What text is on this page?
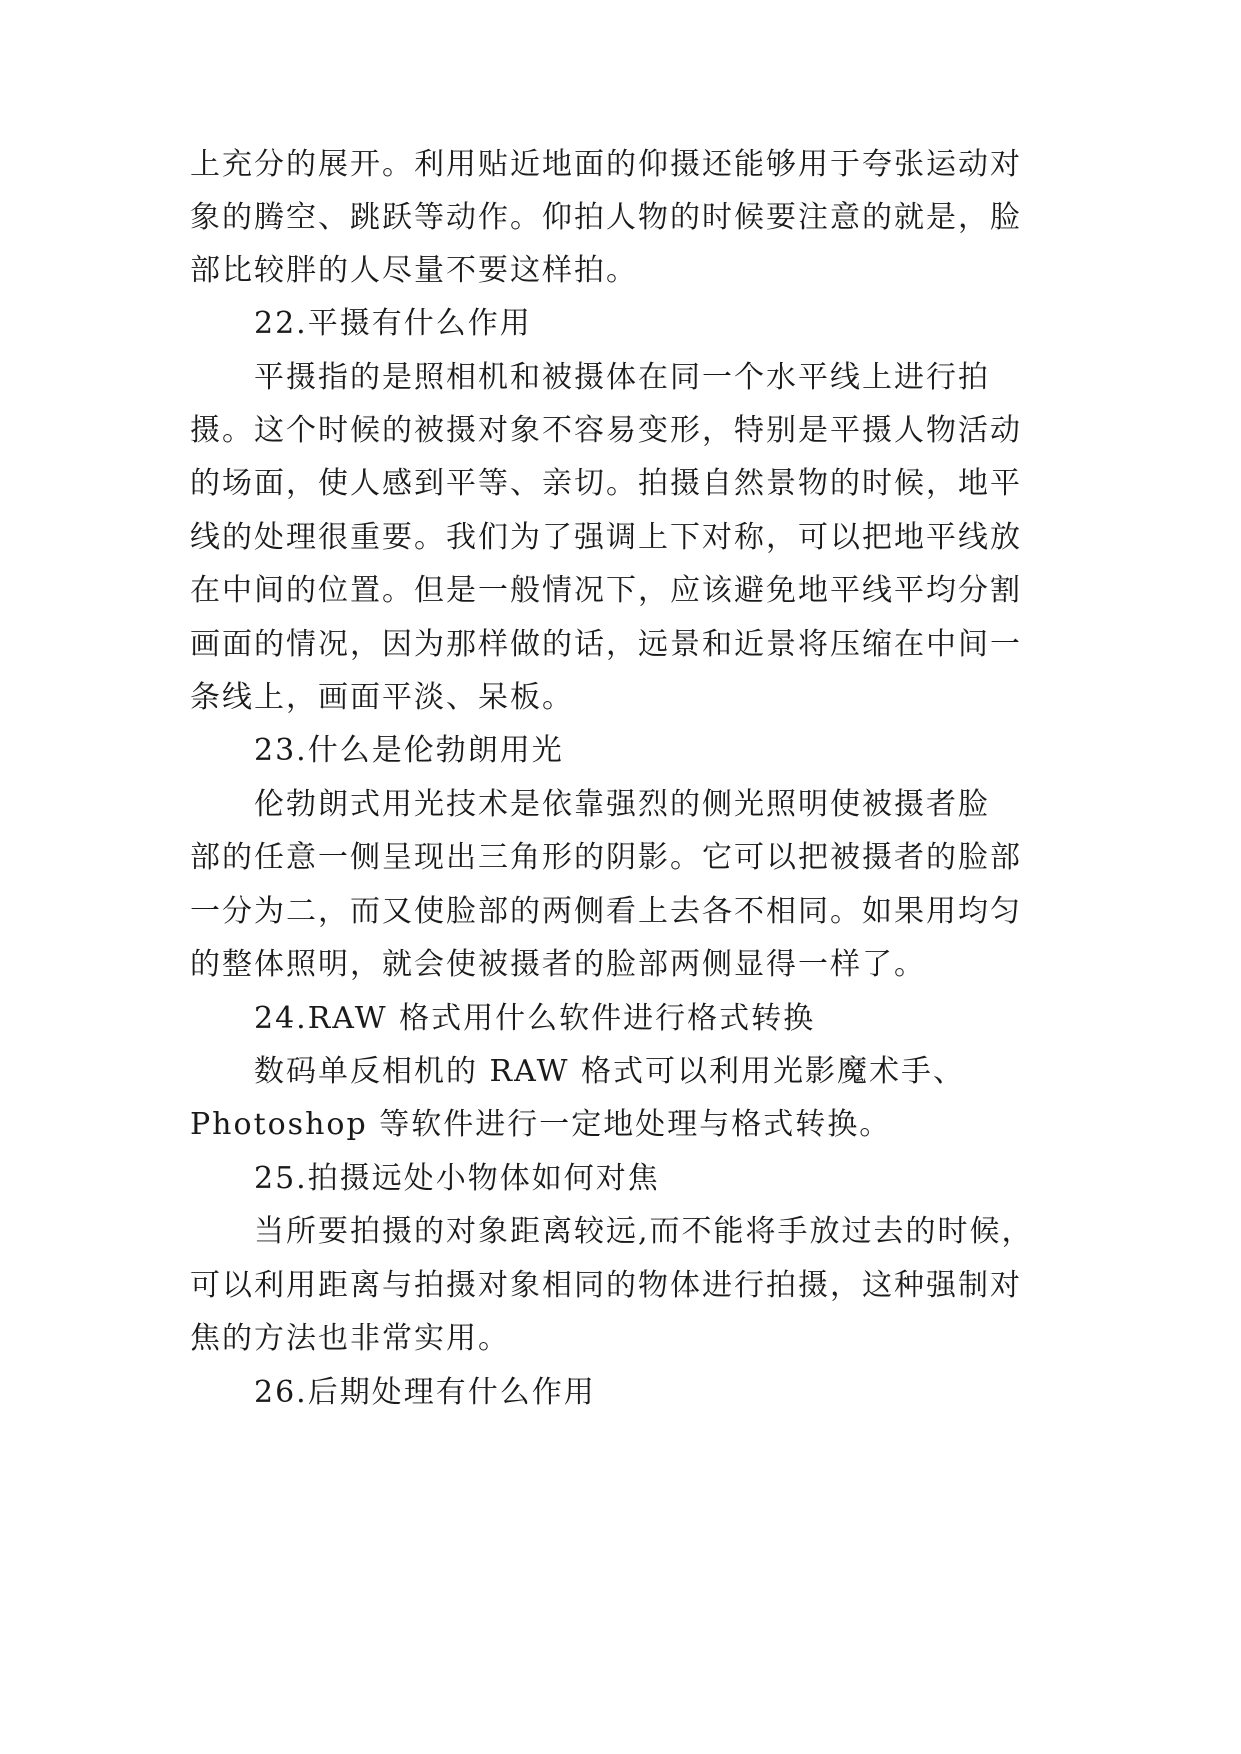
上充分的展开。利用贴近地面的仰摄还能够用于夸张运动对
象的腾空、跳跃等动作。仰拍人物的时候要注意的就是，脸
部比较胖的人尽量不要这样拍。
22.平摄有什么作用
平摄指的是照相机和被摄体在同一个水平线上进行拍
摄。这个时候的被摄对象不容易变形，特别是平摄人物活动
的场面，使人感到平等、亲切。拍摄自然景物的时候，地平
线的处理很重要。我们为了强调上下对称，可以把地平线放
在中间的位置。但是一般情况下，应该避免地平线平均分割
画面的情况，因为那样做的话，远景和近景将压缩在中间一
条线上，画面平淡、呆板。
23.什么是伦勃朗用光
伦勃朗式用光技术是依靠强烈的侧光照明使被摄者脸
部的任意一侧呈现出三角形的阴影。它可以把被摄者的脸部
一分为二，而又使脸部的两侧看上去各不相同。如果用均匀
的整体照明，就会使被摄者的脸部两侧显得一样了。
24.RAW 格式用什么软件进行格式转换
数码单反相机的 RAW 格式可以利用光影魔术手、
Photoshop 等软件进行一定地处理与格式转换。
25.拍摄远处小物体如何对焦
当所要拍摄的对象距离较远,而不能将手放过去的时候，
可以利用距离与拍摄对象相同的物体进行拍摄，这种强制对
焦的方法也非常实用。
26.后期处理有什么作用
